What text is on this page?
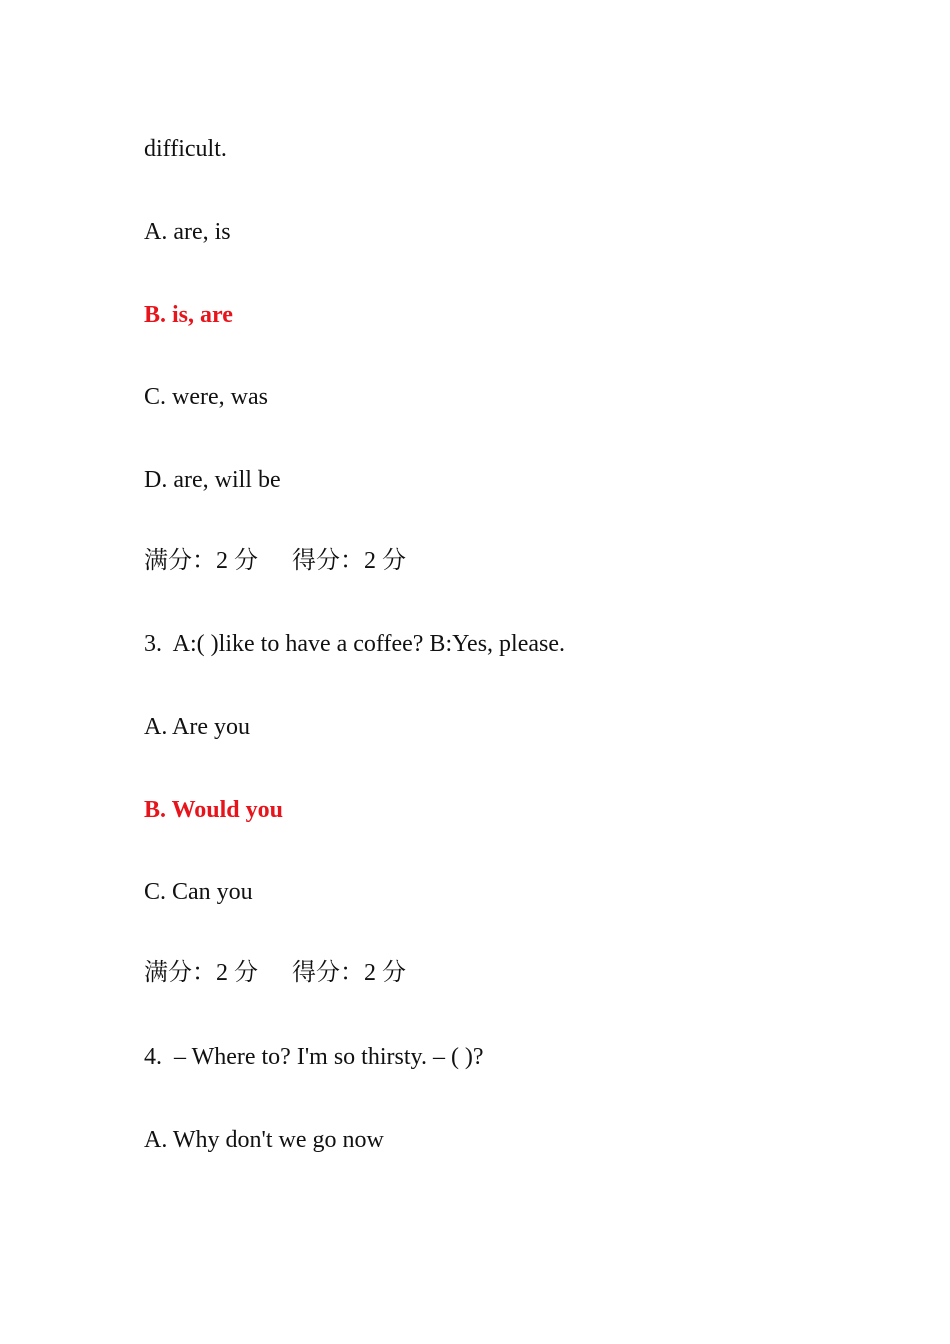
difficult.
A. are, is
B. is, are
C. were, was
D. are, will be
满分：2 分 得分：2 分
3.  A:( )like to have a coffee? B:Yes, please.
A. Are you
B. Would you
C. Can you
满分：2 分 得分：2 分
4.  – Where to? I'm so thirsty. – ( )?
A. Why don't we go now
